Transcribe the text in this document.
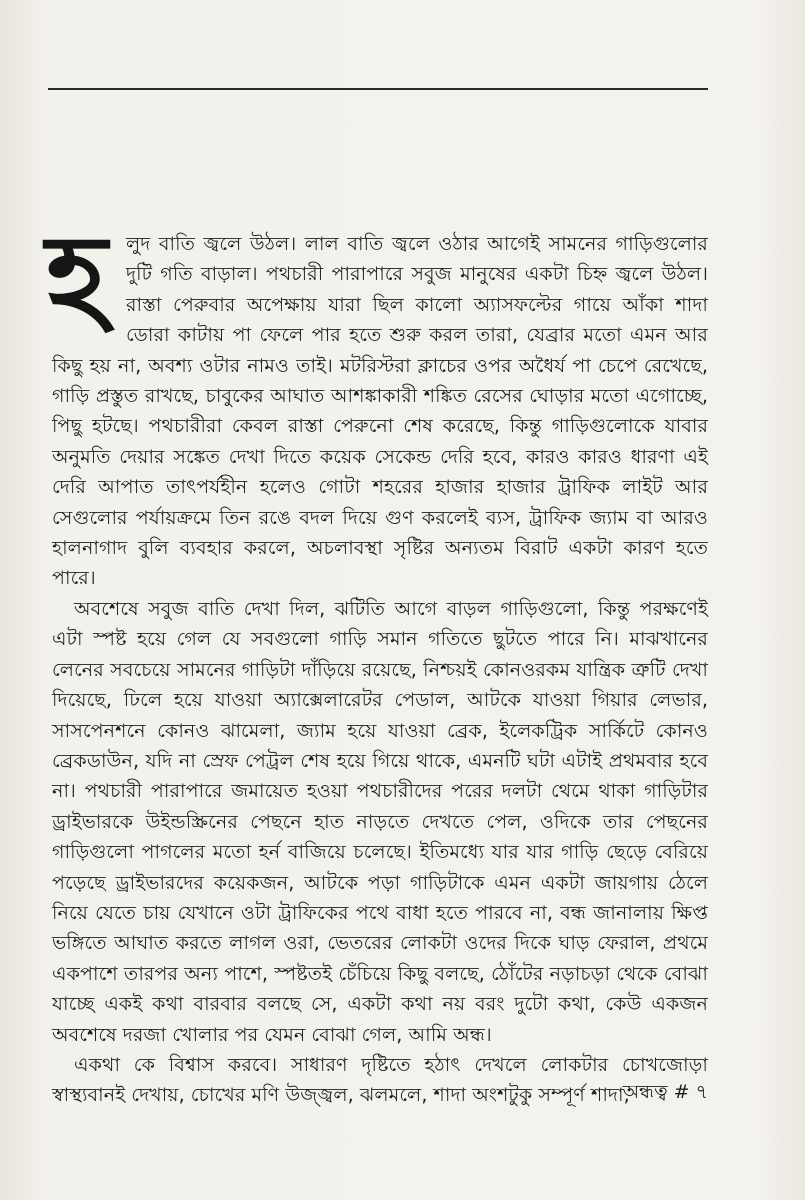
হলুদ বাতি জ্বলে উঠল। লাল বাতি জ্বলে ওঠার আগেই সামনের গাড়িগুলোর দুটি গতি বাড়াল। পথচারী পারাপারে সবুজ মানুষের একটা চিহ্ন জ্বলে উঠল। রাস্তা পেরুবার অপেক্ষায় যারা ছিল কালো অ্যাসফল্টের গায়ে আঁকা শাদা ডোরা কাটায় পা ফেলে পার হতে শুরু করল তারা, যেব্রার মতো এমন আর কিছু হয় না, অবশ্য ওটার নামও তাই। মটরিস্টরা ক্লাচের ওপর অধৈর্য পা চেপে রেখেছে, গাড়ি প্রস্তুত রাখছে, চাবুকের আঘাত আশঙ্কাকারী শঙ্কিত রেসের ঘোড়ার মতো এগোচ্ছে, পিছু হটছে। পথচারীরা কেবল রাস্তা পেরুনো শেষ করেছে, কিন্তু গাড়িগুলোকে যাবার অনুমতি দেয়ার সঙ্কেত দেখা দিতে কয়েক সেকেন্ড দেরি হবে, কারও কারও ধারণা এই দেরি আপাত তাৎপর্যহীন হলেও গোটা শহরের হাজার হাজার ট্রাফিক লাইট আর সেগুলোর পর্যায়ক্রমে তিন রঙে বদল দিয়ে গুণ করলেই ব্যস, ট্রাফিক জ্যাম বা আরও হালনাগাদ বুলি ব্যবহার করলে, অচলাবস্থা সৃষ্টির অন্যতম বিরাট একটা কারণ হতে পারে।

অবশেষে সবুজ বাতি দেখা দিল, ঝটিতি আগে বাড়ল গাড়িগুলো, কিন্তু পরক্ষণেই এটা স্পষ্ট হয়ে গেল যে সবগুলো গাড়ি সমান গতিতে ছুটতে পারে নি। মাঝখানের লেনের সবচেয়ে সামনের গাড়িটা দাঁড়িয়ে রয়েছে, নিশ্চয়ই কোনওরকম যান্ত্রিক ত্রুটি দেখা দিয়েছে, ঢিলে হয়ে যাওয়া অ্যাক্সেলারেটর পেডাল, আটকে যাওয়া গিয়ার লেভার, সাসপেনশনে কোনও ঝামেলা, জ্যাম হয়ে যাওয়া ব্রেক, ইলেকট্রিক সার্কিটে কোনও ব্রেকডাউন, যদি না স্রেফ পেট্রল শেষ হয়ে গিয়ে থাকে, এমনটি ঘটা এটাই প্রথমবার হবে না। পথচারী পারাপারে জমায়েত হওয়া পথচারীদের পরের দলটা থেমে থাকা গাড়িটার ড্রাইভারকে উইন্ডস্ক্রিনের পেছনে হাত নাড়তে দেখতে পেল, ওদিকে তার পেছনের গাড়িগুলো পাগলের মতো হর্ন বাজিয়ে চলেছে। ইতিমধ্যে যার যার গাড়ি ছেড়ে বেরিয়ে পড়েছে ড্রাইভারদের কয়েকজন, আটকে পড়া গাড়িটাকে এমন একটা জায়গায় ঠেলে নিয়ে যেতে চায় যেখানে ওটা ট্রাফিকের পথে বাধা হতে পারবে না, বন্ধ জানালায় ক্ষিপ্ত ভঙ্গিতে আঘাত করতে লাগল ওরা, ভেতরের লোকটা ওদের দিকে ঘাড় ফেরাল, প্রথমে একপাশে তারপর অন্য পাশে, স্পষ্টতই চেঁচিয়ে কিছু বলছে, ঠোঁটের নড়াচড়া থেকে বোঝা যাচ্ছে একই কথা বারবার বলছে সে, একটা কথা নয় বরং দুটো কথা, কেউ একজন অবশেষে দরজা খোলার পর যেমন বোঝা গেল, আমি অন্ধ।

একথা কে বিশ্বাস করবে। সাধারণ দৃষ্টিতে হঠাৎ দেখলে লোকটার চোখজোড়া স্বাস্থ্যবানই দেখায়, চোখের মণি উজ্জ্বল, ঝলমলে, শাদা অংশটুকু সম্পূর্ণ শাদা,

অন্ধত্ব # ৭
